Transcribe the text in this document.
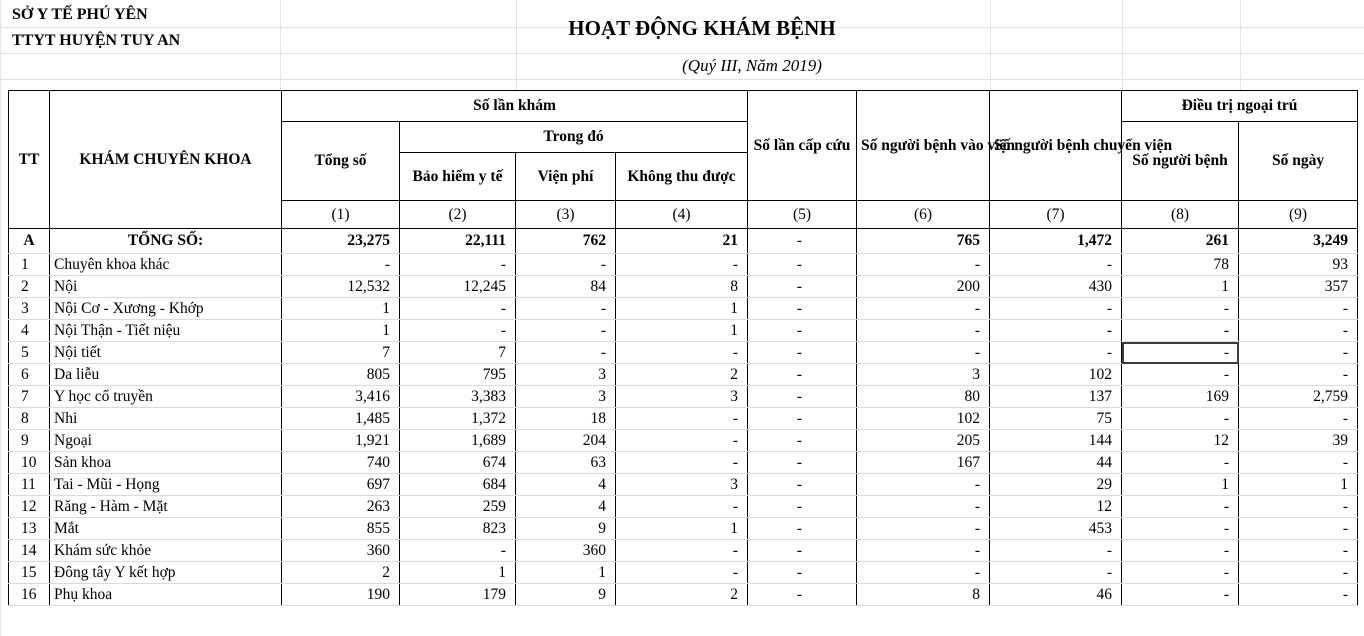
SỞ Y TẾ PHÚ YÊN
TTYT HUYỆN TUY AN
HOẠT ĐỘNG KHÁM BỆNH
(Quý III, Năm 2019)
TT	KHÁM CHUYÊN KHOA	Số lần khám				Số lần cấp cứu	Số người bệnh vào viện	Số người bệnh chuyển viện	Điều trị ngoại trú	
		Tổng số	Trong đó						Số người bệnh	Số ngày
			Bảo hiểm y tế	Viện phí	Không thu được					
		(1)	(2)	(3)	(4)	(5)	(6)	(7)	(8)	(9)
A	TỔNG SỐ:	23,275	22,111	762	21	-	765	1,472	261	3,249
1	Chuyên khoa khác	-	-	-	-	-	-	-	78	93
2	Nội	12,532	12,245	84	8	-	200	430	1	357
3	Nội Cơ - Xương - Khớp	1	-	-	1	-	-	-	-	-
4	Nội Thận - Tiết niệu	1	-	-	1	-	-	-	-	-
5	Nội tiết	7	7	-	-	-	-	-	-	-
6	Da liễu	805	795	3	2	-	3	102	-	-
7	Y học cổ truyền	3,416	3,383	3	3	-	80	137	169	2,759
8	Nhi	1,485	1,372	18	-	-	102	75	-	-
9	Ngoại	1,921	1,689	204	-	-	205	144	12	39
10	Sản khoa	740	674	63	-	-	167	44	-	-
11	Tai - Mũi - Họng	697	684	4	3	-	-	29	1	1
12	Răng - Hàm - Mặt	263	259	4	-	-	-	12	-	-
13	Mắt	855	823	9	1	-	-	453	-	-
14	Khám sức khỏe	360	-	360	-	-	-	-	-	-
15	Đông tây Y kết hợp	2	1	1	-	-	-	-	-	-
16	Phụ khoa	190	179	9	2	-	8	46	-	-
